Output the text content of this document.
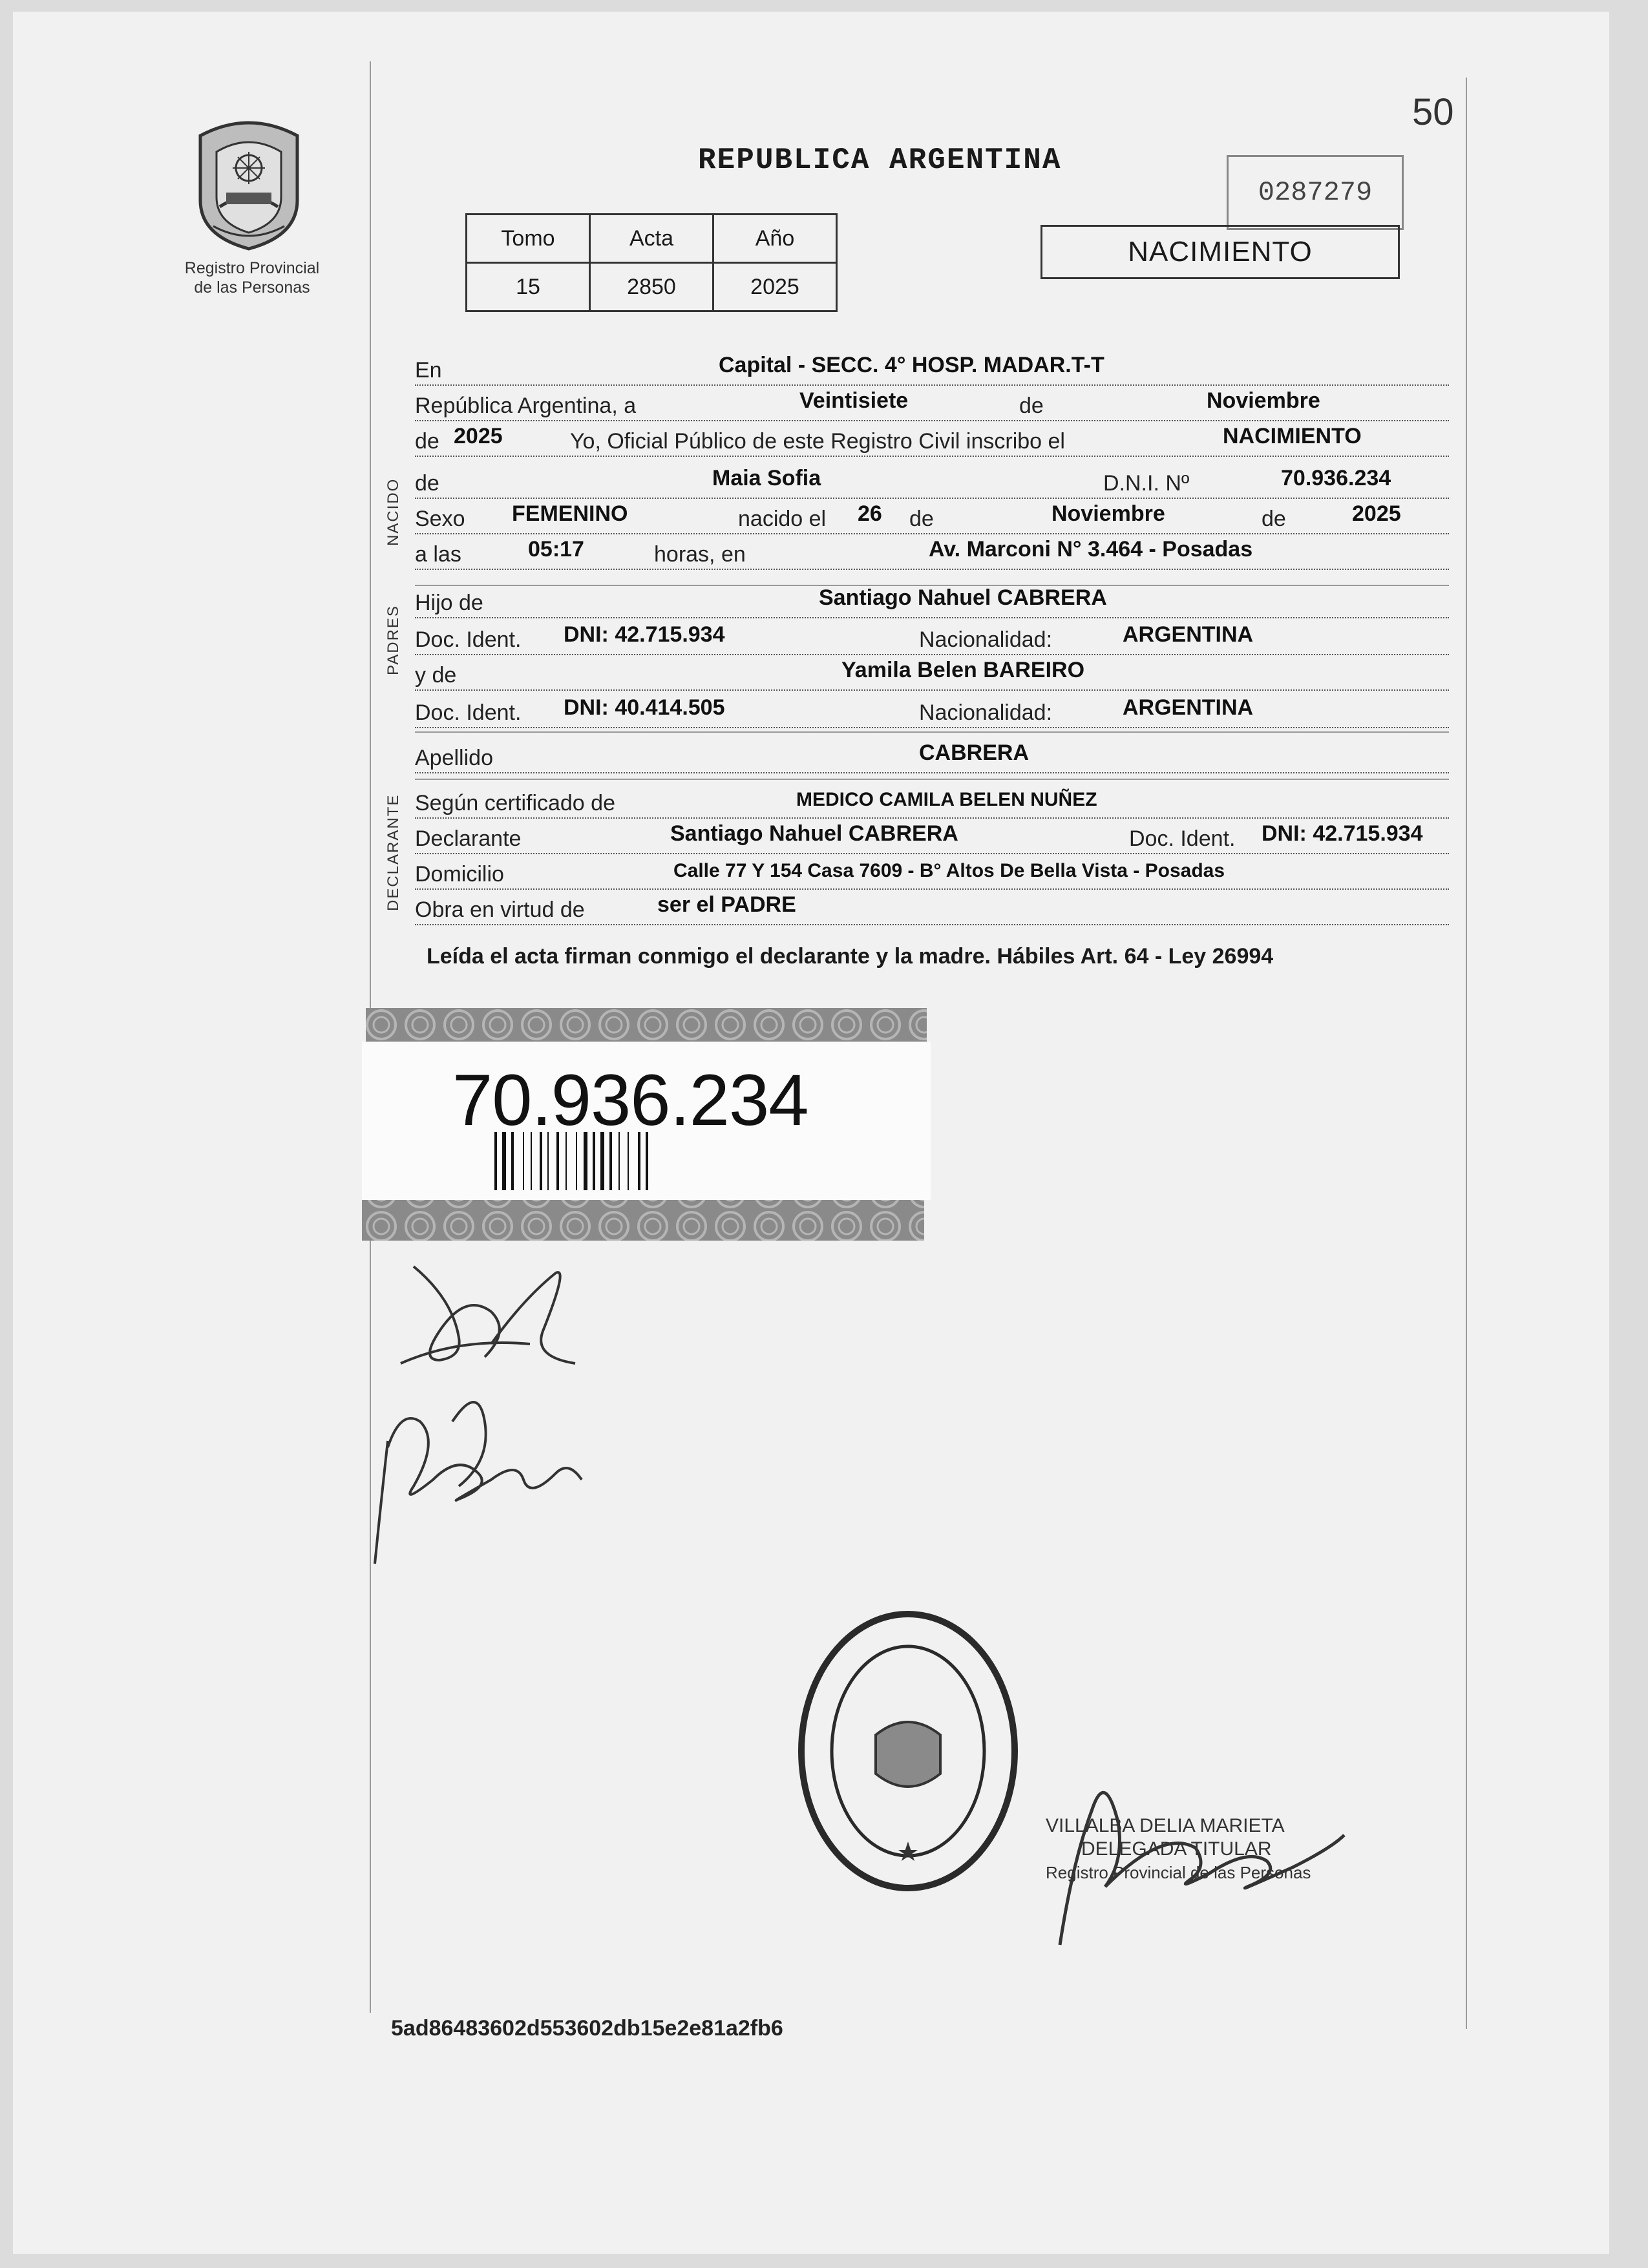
50
Registro Provincial
de las Personas
REPUBLICA ARGENTINA
0287279
Tomo	Acta	Año
15	2850	2025
NACIMIENTO
En	Capital - SECC. 4° HOSP. MADAR.T-T
República Argentina, a	Veintisiete	de	Noviembre
de 2025	Yo, Oficial Público de este Registro Civil inscribo el	NACIMIENTO
NACIDO de	Maia Sofia	D.N.I. Nº	70.936.234
Sexo FEMENINO	nacido el 26 de	Noviembre	de	2025
a las	05:17	horas, en	Av. Marconi N° 3.464 - Posadas
PADRES
Hijo de	Santiago Nahuel CABRERA
Doc. Ident. DNI: 42.715.934	Nacionalidad:	ARGENTINA
y de	Yamila Belen BAREIRO
Doc. Ident. DNI: 40.414.505	Nacionalidad:	ARGENTINA
Apellido	CABRERA
DECLARANTE Según certificado de	MEDICO CAMILA BELEN NUÑEZ
Declarante	Santiago Nahuel CABRERA	Doc. Ident. DNI: 42.715.934
Domicilio	Calle 77 Y 154 Casa 7609 - B° Altos De Bella Vista - Posadas
Obra en virtud de	ser el PADRE
Leída el acta firman conmigo el declarante y la madre. Hábiles Art. 64 - Ley 26994
70.936.234
VILLALBA DELIA MARIETA
DELEGADA TITULAR
Registro Provincial de las Personas
5ad86483602d553602db15e2e81a2fb6
